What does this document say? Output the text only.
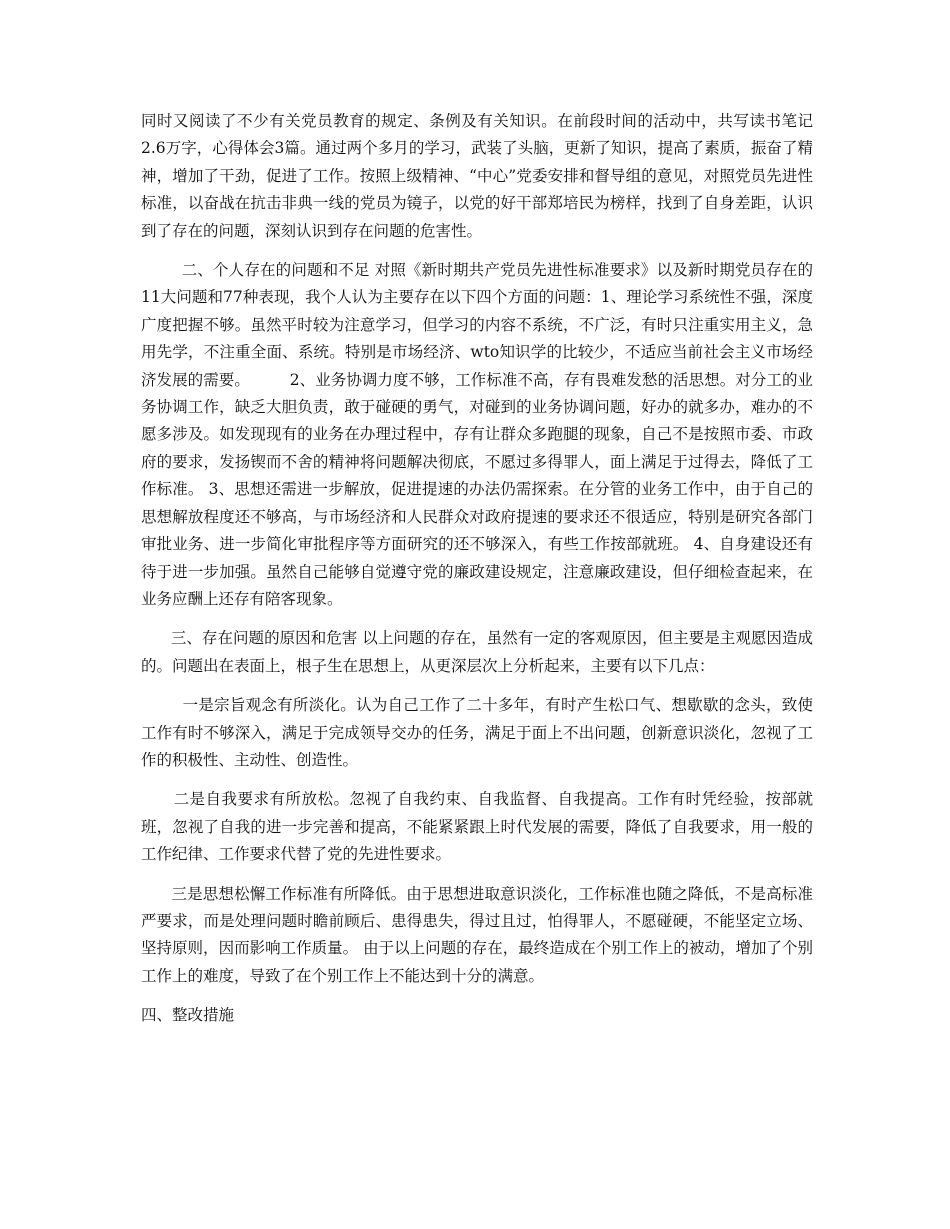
同时又阅读了不少有关党员教育的规定、条例及有关知识。在前段时间的活动中，共写读书笔记2.6万字，心得体会3篇。通过两个多月的学习，武装了头脑，更新了知识，提高了素质，振奋了精神，增加了干劲，促进了工作。按照上级精神、“中心”党委安排和督导组的意见，对照党员先进性标准，以奋战在抗击非典一线的党员为镜子，以党的好干部郑培民为榜样，找到了自身差距，认识到了存在的问题，深刻认识到存在问题的危害性。

二、个人存在的问题和不足 对照《新时期共产党员先进性标准要求》以及新时期党员存在的11大问题和77种表现，我个人认为主要存在以下四个方面的问题：1、理论学习系统性不强，深度广度把握不够。虽然平时较为注意学习，但学习的内容不系统，不广泛，有时只注重实用主义，急用先学，不注重全面、系统。特别是市场经济、wto知识学的比较少，不适应当前社会主义市场经济发展的需要。        2、业务协调力度不够，工作标准不高，存有畏难发愁的活思想。对分工的业务协调工作，缺乏大胆负责，敢于碰硬的勇气，对碰到的业务协调问题，好办的就多办，难办的不愿多涉及。如发现现有的业务在办理过程中，存有让群众多跑腿的现象，自己不是按照市委、市政府的要求，发扬锲而不舍的精神将问题解决彻底，不愿过多得罪人，面上满足于过得去，降低了工作标准。 3、思想还需进一步解放，促进提速的办法仍需探索。在分管的业务工作中，由于自己的思想解放程度还不够高，与市场经济和人民群众对政府提速的要求还不很适应，特别是研究各部门审批业务、进一步简化审批程序等方面研究的还不够深入，有些工作按部就班。 4、自身建设还有待于进一步加强。虽然自己能够自觉遵守党的廉政建设规定，注意廉政建设，但仔细检查起来，在业务应酬上还存有陪客现象。

三、存在问题的原因和危害 以上问题的存在，虽然有一定的客观原因，但主要是主观愿因造成的。问题出在表面上，根子生在思想上，从更深层次上分析起来，主要有以下几点：

一是宗旨观念有所淡化。认为自己工作了二十多年，有时产生松口气、想歇歇的念头，致使工作有时不够深入，满足于完成领导交办的任务，满足于面上不出问题，创新意识淡化，忽视了工作的积极性、主动性、创造性。

二是自我要求有所放松。忽视了自我约束、自我监督、自我提高。工作有时凭经验，按部就班，忽视了自我的进一步完善和提高，不能紧紧跟上时代发展的需要，降低了自我要求，用一般的工作纪律、工作要求代替了党的先进性要求。

三是思想松懈工作标准有所降低。由于思想进取意识淡化，工作标准也随之降低，不是高标准严要求，而是处理问题时瞻前顾后、患得患失，得过且过，怕得罪人，不愿碰硬，不能坚定立场、坚持原则，因而影响工作质量。 由于以上问题的存在，最终造成在个别工作上的被动，增加了个别工作上的难度，导致了在个别工作上不能达到十分的满意。

四、整改措施
